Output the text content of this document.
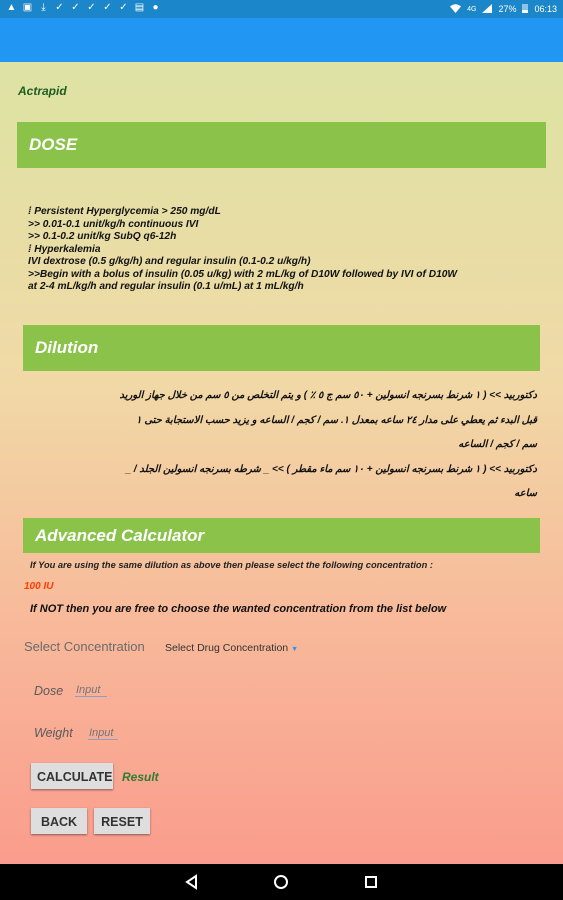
▲ ▣ ⤓ ✓ ✓ ✓ ✓ ✓ ▤ ●	4G 27% 06:13
Actrapid
DOSE
⁞ Persistent Hyperglycemia > 250 mg/dL
>> 0.01-0.1 unit/kg/h continuous IVI
>> 0.1-0.2 unit/kg SubQ q6-12h
⁞ Hyperkalemia
IVI dextrose (0.5 g/kg/h) and regular insulin (0.1-0.2 u/kg/h)
>>Begin with a bolus of insulin (0.05 u/kg) with 2 mL/kg of D10W followed by IVI of D10W
at 2-4 mL/kg/h and regular insulin (0.1 u/mL) at 1 mL/kg/h
Dilution
دكتوربيد >> ( ١ شرنط بسرنجه انسولين + ٥٠ سم ج ٥ ٪ ) و يتم التخلص من ٥ سم من خلال جهاز الوريد
قبل البدء ثم يعطي على مدار ٢٤ ساعه بمعدل ١. سم / كجم / الساعه و يزيد حسب الاستجابة حتى ١
سم / كجم / الساعه
دكتوربيد >> ( ١ شرنط بسرنجه انسولين + ١٠ سم ماء مقطر ) >> _ شرطه بسرنجه انسولين الجلد / _
ساعه
Advanced Calculator
If You are using the same dilution as above then please select the following concentration :
100 IU
If NOT then you are free to choose the wanted concentration from the list below
Select Concentration Select Drug Concentration ▼
Dose
Input
Weight
Input
CALCULATE Result
BACK	RESET
